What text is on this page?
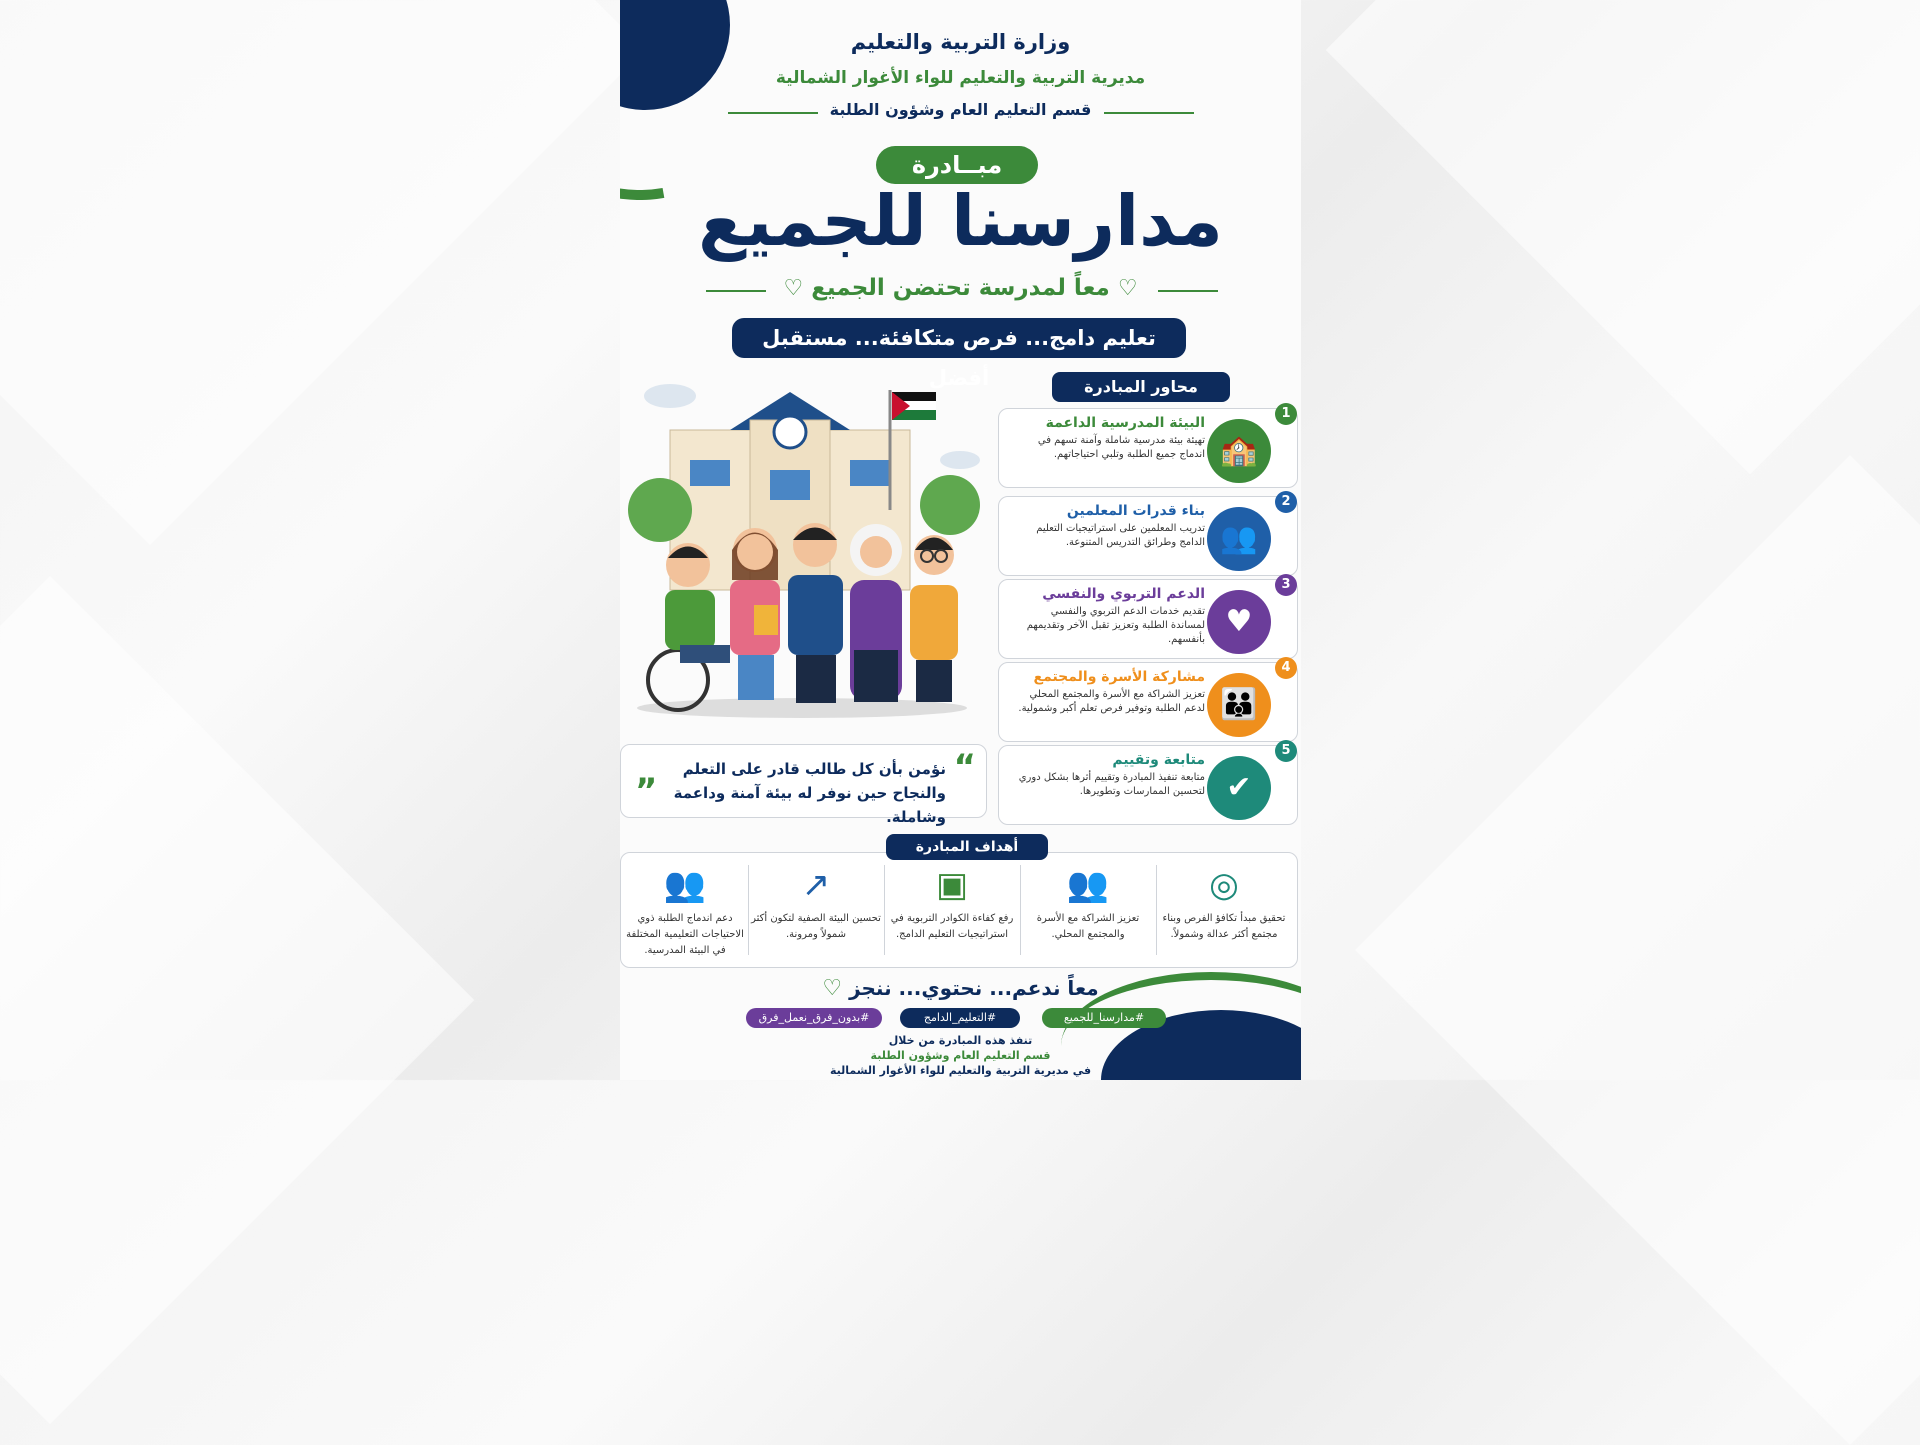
وزارة التربية والتعليم
مديرية التربية والتعليم للواء الأغوار الشمالية
قسم التعليم العام وشؤون الطلبة
مبــادرة
مدارسنا للجميع
♡ معاً لمدرسة تحتضن الجميع ♡
تعليم دامج... فرص متكافئة... مستقبل أفضل	محاور المبادرة
1
🏫
البيئة المدرسية الداعمة
تهيئة بيئة مدرسية شاملة وآمنة تسهم في اندماج جميع الطلبة وتلبي احتياجاتهم.
2
👥
بناء قدرات المعلمين
تدريب المعلمين على استراتيجيات التعليم الدامج وطرائق التدريس المتنوعة.
3
♥
الدعم التربوي والنفسي
تقديم خدمات الدعم التربوي والنفسي لمساندة الطلبة وتعزيز تقبل الآخر وتقديمهم بأنفسهم.
4
👪
مشاركة الأسرة والمجتمع
تعزيز الشراكة مع الأسرة والمجتمع المحلي لدعم الطلبة وتوفير فرص تعلم أكبر وشمولية.
5
✔
متابعة وتقييم
متابعة تنفيذ المبادرة وتقييم أثرها بشكل دوري لتحسين الممارسات وتطويرها.
“
نؤمن بأن كل طالب قادر على التعلم والنجاح حين نوفر له بيئة آمنة وداعمة وشاملة.
”
◎
تحقيق مبدأ تكافؤ الفرص وبناء مجتمع أكثر عدالة وشمولاً.
👥
تعزيز الشراكة مع الأسرة والمجتمع المحلي.
▣
رفع كفاءة الكوادر التربوية في استراتيجيات التعليم الدامج.
↗
تحسين البيئة الصفية لتكون أكثر شمولاً ومرونة.
👥
دعم اندماج الطلبة ذوي الاحتياجات التعليمية المختلفة في البيئة المدرسية.
أهداف المبادرة
معاً ندعم... نحتوي... ننجز ♡
#مدارسنا_للجميع
#التعليم_الدامج
#بدون_فرق_نعمل_فرق
تنفذ هذه المبادرة من خلال
قسم التعليم العام وشؤون الطلبة
في مديرية التربية والتعليم للواء الأغوار الشمالية
